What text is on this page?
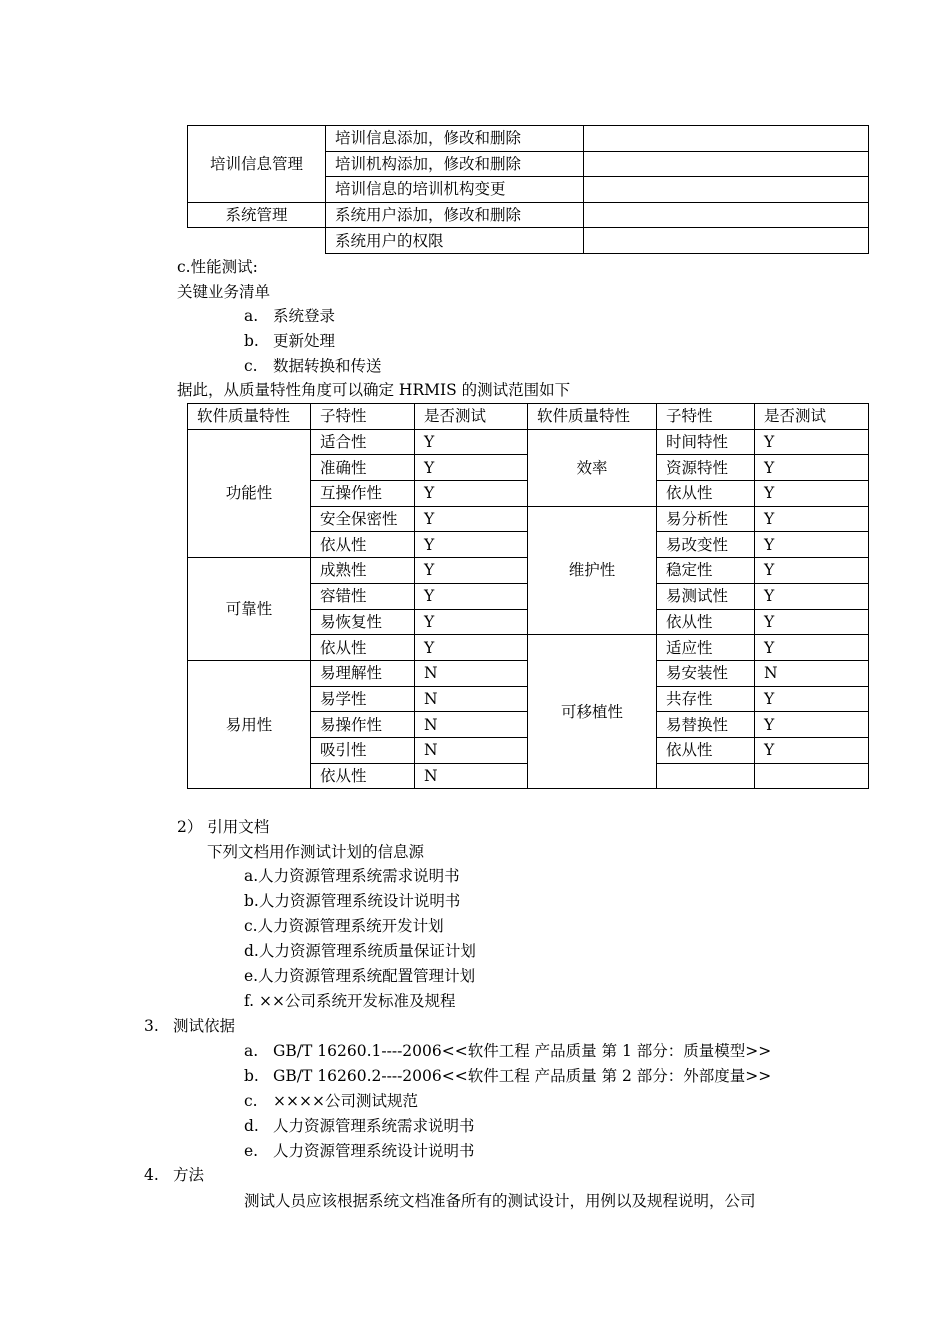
培训信息管理	培训信息添加，修改和删除	
	培训机构添加，修改和删除	
	培训信息的培训机构变更	
系统管理	系统用户添加，修改和删除	
	系统用户的权限	
c.性能测试:
关键业务清单
a. 系统登录
b. 更新处理
c. 数据转换和传送
据此，从质量特性角度可以确定 HRMIS 的测试范围如下
软件质量特性	子特性	是否测试	软件质量特性	子特性	是否测试
功能性	适合性	Y	效率	时间特性	Y
	准确性	Y		资源特性	Y
	互操作性	Y		依从性	Y
	安全保密性	Y	维护性	易分析性	Y
	依从性	Y		易改变性	Y
可靠性	成熟性	Y		稳定性	Y
	容错性	Y		易测试性	Y
	易恢复性	Y		依从性	Y
	依从性	Y	可移植性	适应性	Y
易用性	易理解性	N		易安装性	N
	易学性	N		共存性	Y
	易操作性	N		易替换性	Y
	吸引性	N		依从性	Y
	依从性	N			
2） 引用文档
下列文档用作测试计划的信息源
a.人力资源管理系统需求说明书
b.人力资源管理系统设计说明书
c.人力资源管理系统开发计划
d.人力资源管理系统质量保证计划
e.人力资源管理系统配置管理计划
f. ××公司系统开发标准及规程
3. 测试依据
a. GB/T 16260.1----2006<<软件工程 产品质量 第 1 部分：质量模型>>
b. GB/T 16260.2----2006<<软件工程 产品质量 第 2 部分：外部度量>>
c. ××××公司测试规范
d. 人力资源管理系统需求说明书
e. 人力资源管理系统设计说明书
4. 方法
测试人员应该根据系统文档准备所有的测试设计，用例以及规程说明，公司
